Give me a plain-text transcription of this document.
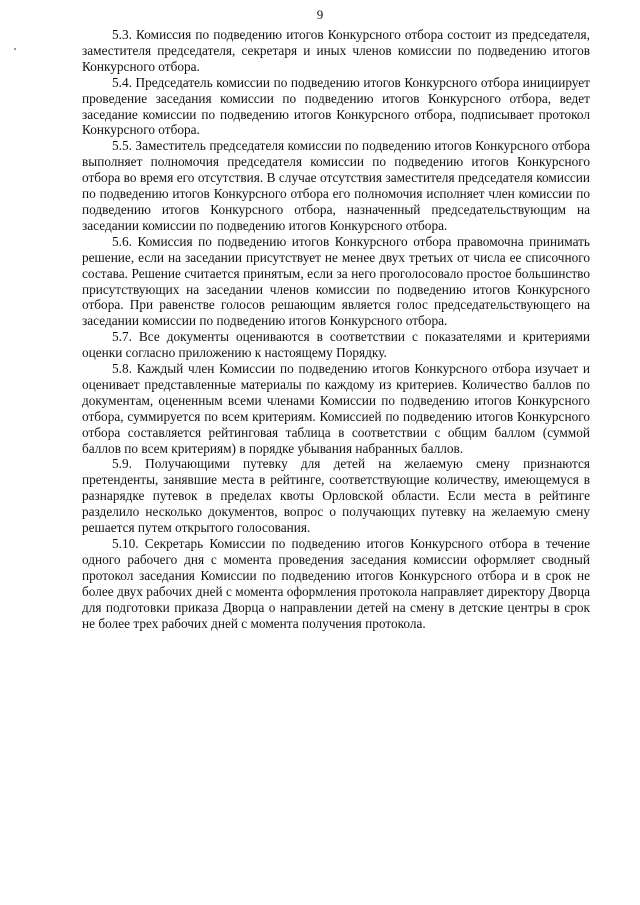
9

5.3. Комиссия по подведению итогов Конкурсного отбора состоит из председателя, заместителя председателя, секретаря и иных членов комиссии по подведению итогов Конкурсного отбора.

5.4. Председатель комиссии по подведению итогов Конкурсного отбора инициирует проведение заседания комиссии по подведению итогов Конкурсного отбора, ведет заседание комиссии по подведению итогов Конкурсного отбора, подписывает протокол Конкурсного отбора.

5.5. Заместитель председателя комиссии по подведению итогов Конкурсного отбора выполняет полномочия председателя комиссии по подведению итогов Конкурсного отбора во время его отсутствия. В случае отсутствия заместителя председателя комиссии по подведению итогов Конкурсного отбора его полномочия исполняет член комиссии по подведению итогов Конкурсного отбора, назначенный председательствующим на заседании комиссии по подведению итогов Конкурсного отбора.

5.6. Комиссия по подведению итогов Конкурсного отбора правомочна принимать решение, если на заседании присутствует не менее двух третьих от числа ее списочного состава. Решение считается принятым, если за него проголосовало простое большинство присутствующих на заседании членов комиссии по подведению итогов Конкурсного отбора. При равенстве голосов решающим является голос председательствующего на заседании комиссии по подведению итогов Конкурсного отбора.

5.7. Все документы оцениваются в соответствии с показателями и критериями оценки согласно приложению к настоящему Порядку.

5.8. Каждый член Комиссии по подведению итогов Конкурсного отбора изучает и оценивает представленные материалы по каждому из критериев. Количество баллов по документам, оцененным всеми членами Комиссии по подведению итогов Конкурсного отбора, суммируется по всем критериям. Комиссией по подведению итогов Конкурсного отбора составляется рейтинговая таблица в соответствии с общим баллом (суммой баллов по всем критериям) в порядке убывания набранных баллов.

5.9. Получающими путевку для детей на желаемую смену признаются претенденты, занявшие места в рейтинге, соответствующие количеству, имеющемуся в разнарядке путевок в пределах квоты Орловской области. Если места в рейтинге разделило несколько документов, вопрос о получающих путевку на желаемую смену решается путем открытого голосования.

5.10. Секретарь Комиссии по подведению итогов Конкурсного отбора в течение одного рабочего дня с момента проведения заседания комиссии оформляет сводный протокол заседания Комиссии по подведению итогов Конкурсного отбора и в срок не более двух рабочих дней с момента оформления протокола направляет директору Дворца для подготовки приказа Дворца о направлении детей на смену в детские центры в срок не более трех рабочих дней с момента получения протокола.
